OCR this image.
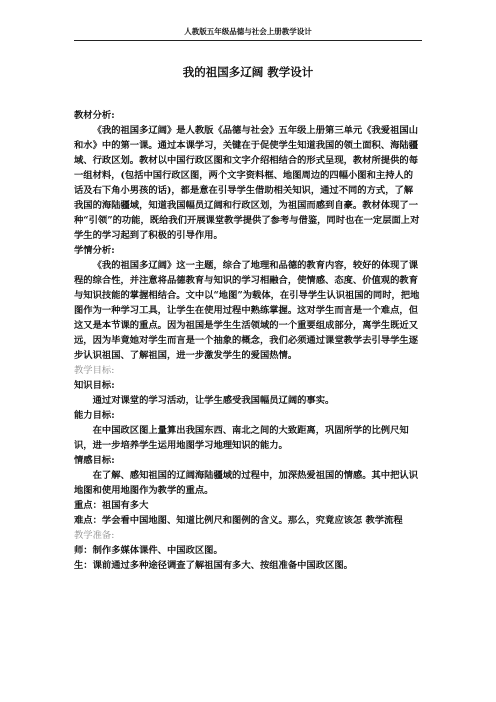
人教版五年级品德与社会上册教学设计
我的祖国多辽阔 教学设计

教材分析:

《我的祖国多辽阔》是人教版《品德与社会》五年级上册第三单元《我爱祖国山和水》中的第一课。通过本课学习，关键在于促使学生知道我国的领土面积、海陆疆域、行政区划。教材以中国行政区图和文字介绍相结合的形式呈现，教材所提供的每一组材料，(包括中国行政区图，两个文字资料框、地图周边的四幅小图和主持人的话及右下角小男孩的话)，都是意在引导学生借助相关知识，通过不同的方式，了解我国的海陆疆域，知道我国幅员辽阔和行政区划，为祖国而感到自豪。教材体现了一种“引领”的功能，既给我们开展课堂教学提供了参考与借鉴，同时也在一定层面上对学生的学习起到了积极的引导作用。

学情分析:

《我的祖国多辽阔》这一主题，综合了地理和品德的教育内容，较好的体现了课程的综合性，并注意将品德教育与知识的学习相融合，使情感、态度、价值观的教育与知识技能的掌握相结合。文中以“地图”为载体，在引导学生认识祖国的同时，把地图作为一种学习工具，让学生在使用过程中熟练掌握。这对学生而言是一个难点，但这又是本节课的重点。因为祖国是学生生活领域的一个重要组成部分，离学生既近又远，因为毕竟她对学生而言是一个抽象的概念，我们必须通过课堂教学去引导学生逐步认识祖国、了解祖国，进一步激发学生的爱国热情。

教学目标:

知识目标:

通过对课堂的学习活动，让学生感受我国幅员辽阔的事实。

能力目标:

在中国政区图上量算出我国东西、南北之间的大致距离，巩固所学的比例尺知识，进一步培养学生运用地图学习地理知识的能力。

情感目标:

在了解、感知祖国的辽阔海陆疆域的过程中，加深热爱祖国的情感。其中把认识地图和使用地图作为教学的重点。

重点：祖国有多大

难点：学会看中国地图、知道比例尺和图例的含义。那么，究竟应该怎 教学流程

教学准备:

师：制作多媒体课件、中国政区图。

生：课前通过多种途径调查了解祖国有多大、按组准备中国政区图。
